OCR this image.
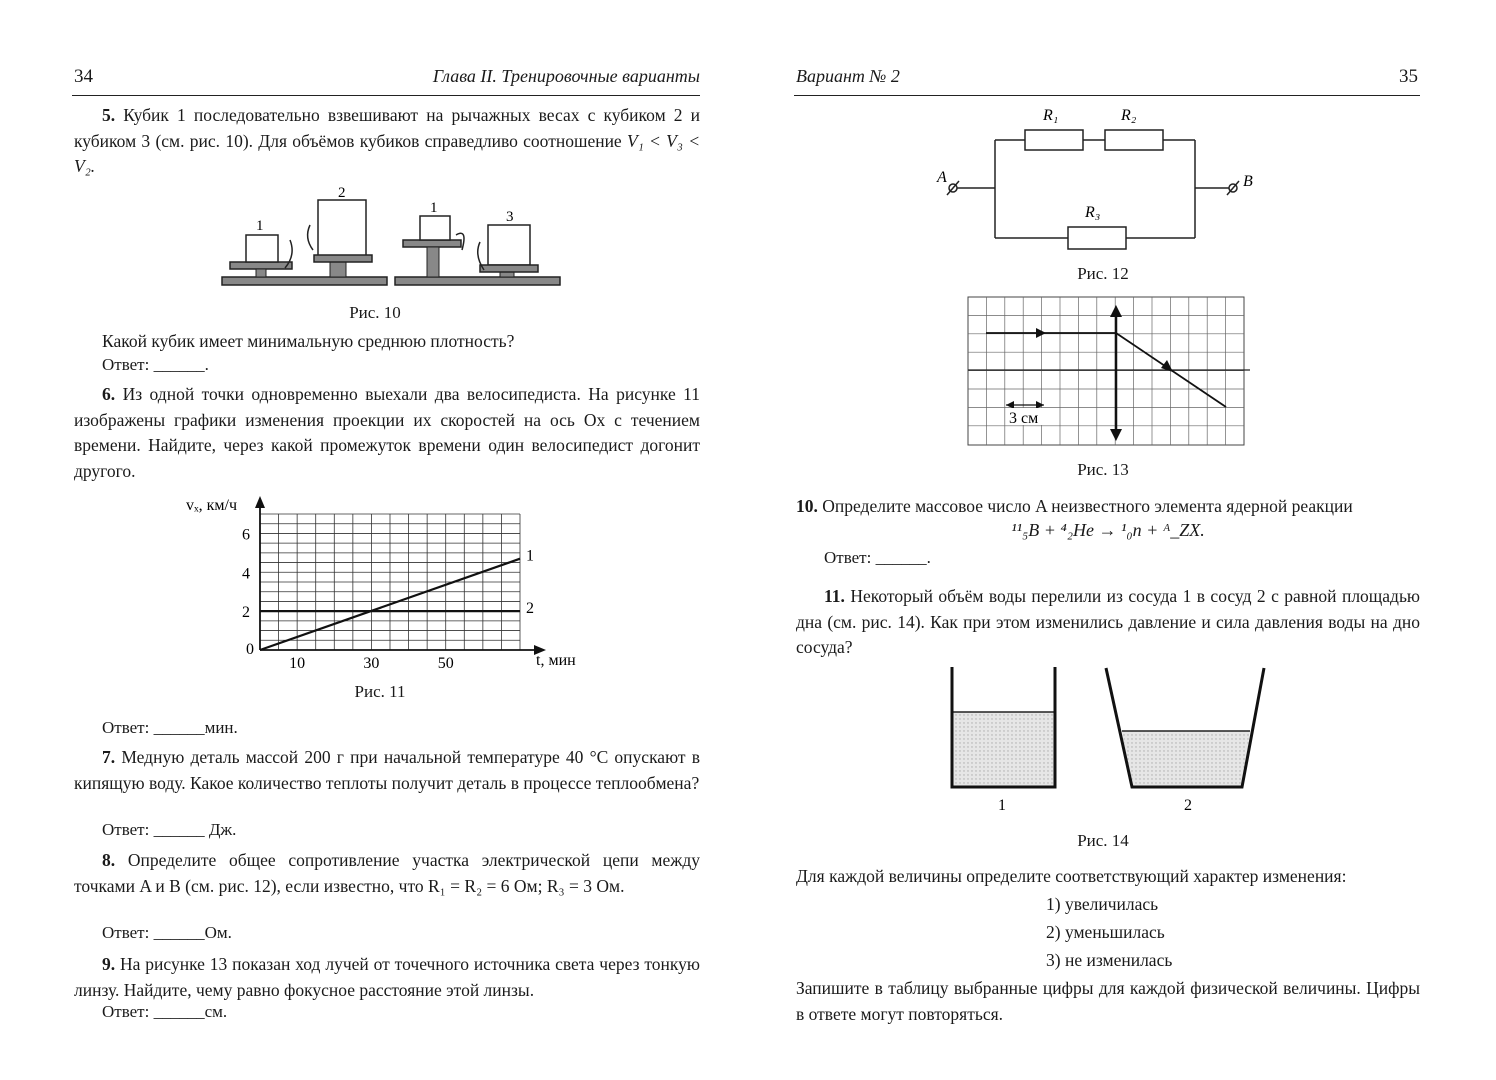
34	Глава II. Тренировочные варианты
5. Кубик 1 последовательно взвешивают на рычажных весах с кубиком 2 и кубиком 3 (см. рис. 10). Для объёмов кубиков справедливо соотношение V₁ < V₃ < V₂.
1
2
1
3
Рис. 10
Какой кубик имеет минимальную среднюю плотность?
Ответ: ______.
6. Из одной точки одновременно выехали два велосипедиста. На рисунке 11 изображены графики изменения проекции их скоростей на ось Ox с течением времени. Найдите, через какой промежуток времени один велосипедист догонит другого.
10	30	50
0
2
4
6
1
2
vₓ, км/ч
t, мин
Рис. 11
Ответ: ______мин.
7. Медную деталь массой 200 г при начальной температуре 40 °С опускают в кипящую воду. Какое количество теплоты получит деталь в процессе теплообмена?
Ответ: ______ Дж.
8. Определите общее сопротивление участка электрической цепи между точками A и B (см. рис. 12), если известно, что R₁ = R₂ = 6 Ом; R₃ = 3 Ом.
Ответ: ______Ом.
9. На рисунке 13 показан ход лучей от точечного источника света через тонкую линзу. Найдите, чему равно фокусное расстояние этой линзы.
Ответ: ______см.
Вариант № 2	35
A	B
R₁	R₂
R₃
Рис. 12
3 см
Рис. 13
10. Определите массовое число A неизвестного элемента ядерной реакции
¹¹₅B + ⁴₂He → ¹₀n + ᴬ_ZX.
Ответ: ______.
11. Некоторый объём воды перелили из сосуда 1 в сосуд 2 с равной площадью дна (см. рис. 14). Как при этом изменились давление и сила давления воды на дно сосуда?
1	2
Рис. 14
Для каждой величины определите соответствующий характер изменения:
1) увеличилась
2) уменьшилась
3) не изменилась
Запишите в таблицу выбранные цифры для каждой физической величины. Цифры в ответе могут повторяться.
